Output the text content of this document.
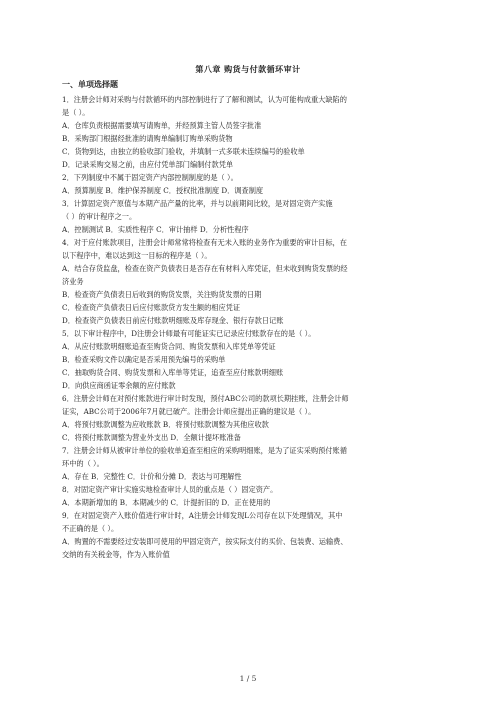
第八章 购货与付款循环审计
一、单项选择题
1．注册会计师对采购与付款循环的内部控制进行了了解和测试，认为可能构成重大缺陷的
是（ ）。
A．仓库负责根据需要填写请购单，并经预算主管人员签字批准
B．采购部门根据经批准的请购单编制订购单采购货物
C．货物到达，由独立的验收部门验收，并填制一式多联未连续编号的验收单
D．记录采购交易之前，由应付凭单部门编制付款凭单
2．下列制度中不属于固定资产内部控制制度的是（ ）。
A．预算制度 B．维护保养制度 C．授权批准制度 D．调查制度
3．计算固定资产原值与本期产品产量的比率，并与以前期间比较，是对固定资产实施
（ ）的审计程序之一。
A．控制测试 B．实质性程序 C．审计抽样 D．分析性程序
4．对于应付账款项目，注册会计师常常将检查有无未入账的业务作为重要的审计目标，在
以下程序中，难以达到这一目标的程序是（ ）。
A．结合存货监盘，检查在资产负债表日是否存在有材料入库凭证，但未收到购货发票的经
济业务
B．检查资产负债表日后收到的购货发票，关注购货发票的日期
C．检查资产负债表日后应付账款贷方发生额的相应凭证
D．检查资产负债表日前应付账款明细账及库存现金、银行存款日记账
5．以下审计程序中，D注册会计师最有可能证实已记录应付账款存在的是（ ）。
A．从应付账款明细账追查至购货合同、购货发票和入库凭单等凭证
B．检查采购文件以确定是否采用预先编号的采购单
C．抽取购货合同、购货发票和入库单等凭证，追查至应付账款明细账
D．向供应商函证零余额的应付账款
6．注册会计师在对预付账款进行审计时发现，预付ABC公司的款项长期挂账，注册会计师
证实，ABC公司于2006年7月就已破产。注册会计师应提出正确的建议是（ ）。
A．将预付账款调整为应收账款 B．将预付账款调整为其他应收款
C．将预付账款调整为营业外支出 D．全额计提坏账准备
7．注册会计师从被审计单位的验收单追查至相应的采购明细账，是为了证实采购预付账循
环中的（ ）。
A．存在 B．完整性 C．计价和分摊 D．表达与可理解性
8．对固定资产审计实施实地检查审计人员的重点是（ ）固定资产。
A．本期新增加的 B．本期减少的 C．计提折旧的 D．正在使用的
9．在对固定资产入账价值进行审计时，A注册会计师发现L公司存在以下处理情况，其中
不正确的是（ ）。
A．购置的不需要经过安装即可使用的甲固定资产，按实际支付的买价、包装费、运输费、
交纳的有关税金等，作为入账价值
1 / 5
